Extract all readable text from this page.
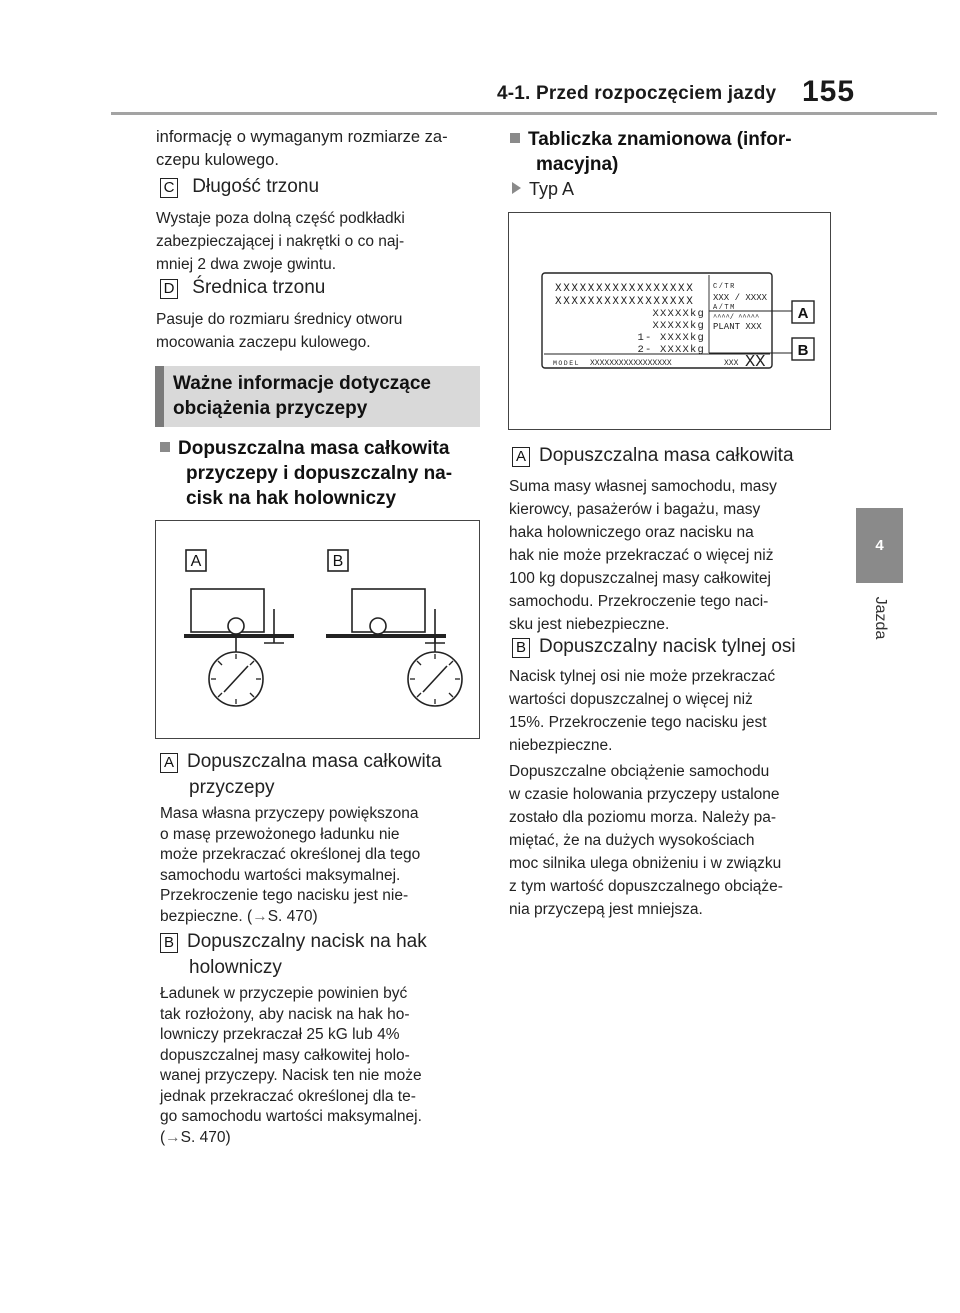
4-1. Przed rozpoczęciem jazdy 155
4
Jazda
informację o wymaganym rozmiarze za-
czepu kulowego.
C Długość trzonu
Wystaje poza dolną część podkładki
zabezpieczającej i nakrętki o co naj-
mniej 2 dwa zwoje gwintu.
D Średnica trzonu
Pasuje do rozmiaru średnicy otworu
mocowania zaczepu kulowego.
Ważne informacje dotyczące
obciążenia przyczepy
Dopuszczalna masa całkowita
przyczepy i dopuszczalny na-
cisk na hak holowniczy
A	B
A Dopuszczalna masa całkowita
przyczepy
Masa własna przyczepy powiększona
o masę przewożonego ładunku nie
może przekraczać określonej dla tego
samochodu wartości maksymalnej.
Przekroczenie tego nacisku jest nie-
bezpieczne. (→S. 470)
B Dopuszczalny nacisk na hak
holowniczy
Ładunek w przyczepie powinien być
tak rozłożony, aby nacisk na hak ho-
lowniczy przekraczał 25 kG lub 4%
dopuszczalnej masy całkowitej holo-
wanej przyczepy. Nacisk ten nie może
jednak przekraczać określonej dla te-
go samochodu wartości maksymalnej.
(→S. 470)
Tabliczka znamionowa (infor-
macyjna)
Typ A
XXXXXXXXXXXXXXXXX
XXXXXXXXXXXXXXXXX
XXXXXkg
XXXXXkg
1- XXXXkg
2- XXXXkg
C/TR
XXX / XXXX
A/TM
^^^^/ ^^^^^
PLANT XXX
MODEL XXXXXXXXXXXXXXXXX	XXX XX
A
B
A Dopuszczalna masa całkowita
Suma masy własnej samochodu, masy
kierowcy, pasażerów i bagażu, masy
haka holowniczego oraz nacisku na
hak nie może przekraczać o więcej niż
100 kg dopuszczalnej masy całkowitej
samochodu. Przekroczenie tego naci-
sku jest niebezpieczne.
B Dopuszczalny nacisk tylnej osi
Nacisk tylnej osi nie może przekraczać
wartości dopuszczalnej o więcej niż
15%. Przekroczenie tego nacisku jest
niebezpieczne.
Dopuszczalne obciążenie samochodu
w czasie holowania przyczepy ustalone
zostało dla poziomu morza. Należy pa-
miętać, że na dużych wysokościach
moc silnika ulega obniżeniu i w związku
z tym wartość dopuszczalnego obciąże-
nia przyczepą jest mniejsza.
